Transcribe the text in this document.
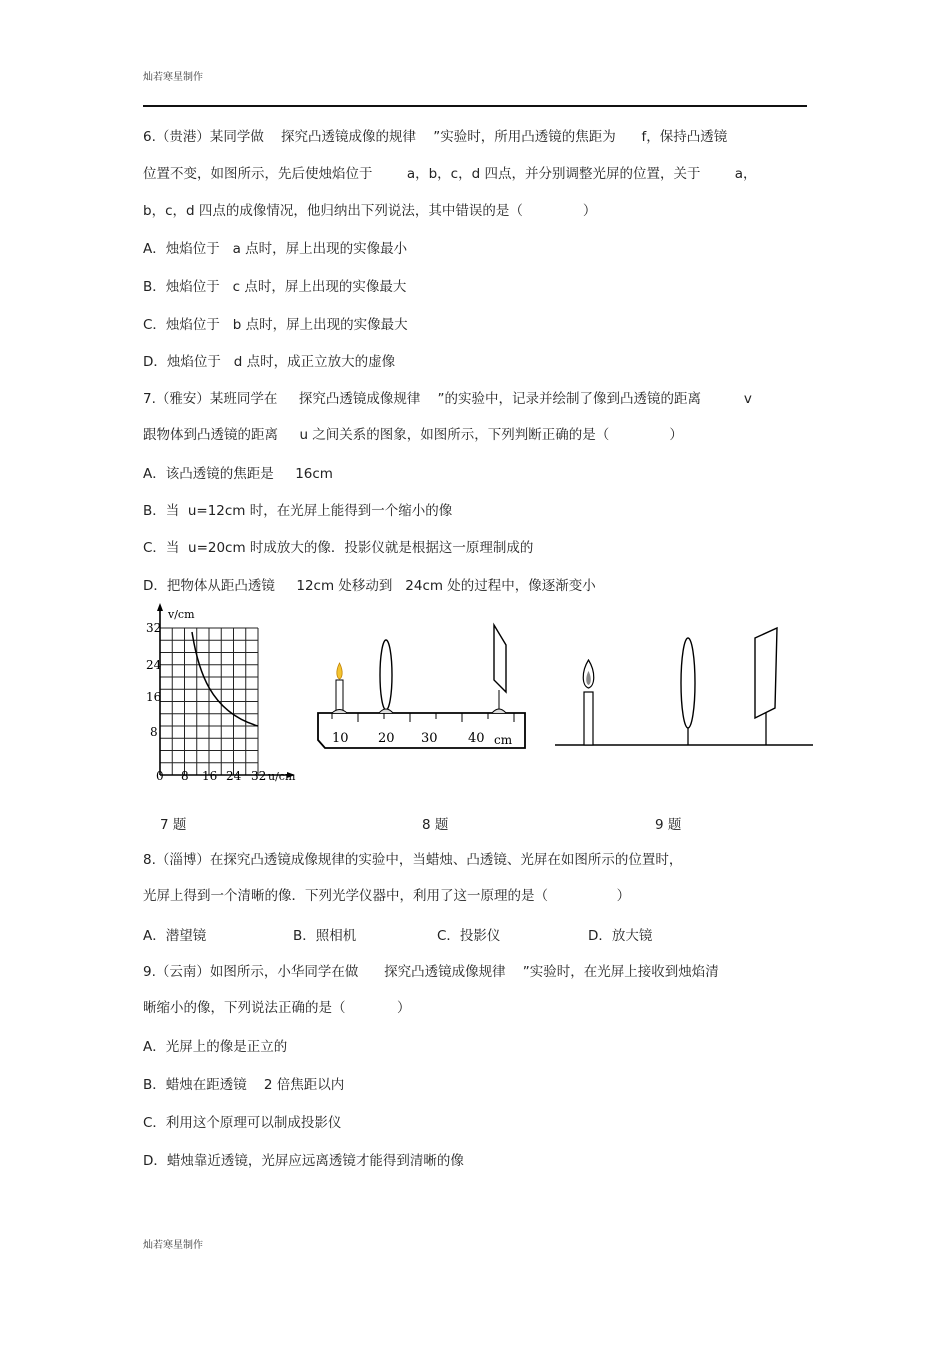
灿若寒星制作
6.（贵港）某同学做    探究凸透镜成像的规律    ”实验时，所用凸透镜的焦距为      f，保持凸透镜
位置不变，如图所示，先后使烛焰位于        a，b，c，d 四点，并分别调整光屏的位置，关于        a，
b，c，d 四点的成像情况，他归纳出下列说法，其中错误的是（              ）
A．烛焰位于   a 点时，屏上出现的实像最小
B．烛焰位于   c 点时，屏上出现的实像最大
C．烛焰位于   b 点时，屏上出现的实像最大
D．烛焰位于   d 点时，成正立放大的虚像
7.（雅安）某班同学在     探究凸透镜成像规律    ”的实验中，记录并绘制了像到凸透镜的距离          v
跟物体到凸透镜的距离     u 之间关系的图象，如图所示，下列判断正确的是（              ）
A．该凸透镜的焦距是     16cm
B．当  u=12cm 时，在光屏上能得到一个缩小的像
C．当  u=20cm 时成放大的像．投影仪就是根据这一原理制成的
D．把物体从距凸透镜     12cm 处移动到   24cm 处的过程中，像逐渐变小
v/cm
32
24
16
8
0 8 16 24 32 u/cm
10 20 30 40 cm
7 题	8 题	9 题
8.（淄博）在探究凸透镜成像规律的实验中，当蜡烛、凸透镜、光屏在如图所示的位置时，
光屏上得到一个清晰的像．下列光学仪器中，利用了这一原理的是（                ）
A．潜望镜	B．照相机	C．投影仪	D．放大镜
9.（云南）如图所示，小华同学在做      探究凸透镜成像规律    ”实验时，在光屏上接收到烛焰清
晰缩小的像，下列说法正确的是（            ）
A．光屏上的像是正立的
B．蜡烛在距透镜    2 倍焦距以内
C．利用这个原理可以制成投影仪
D．蜡烛靠近透镜，光屏应远离透镜才能得到清晰的像
灿若寒星制作
